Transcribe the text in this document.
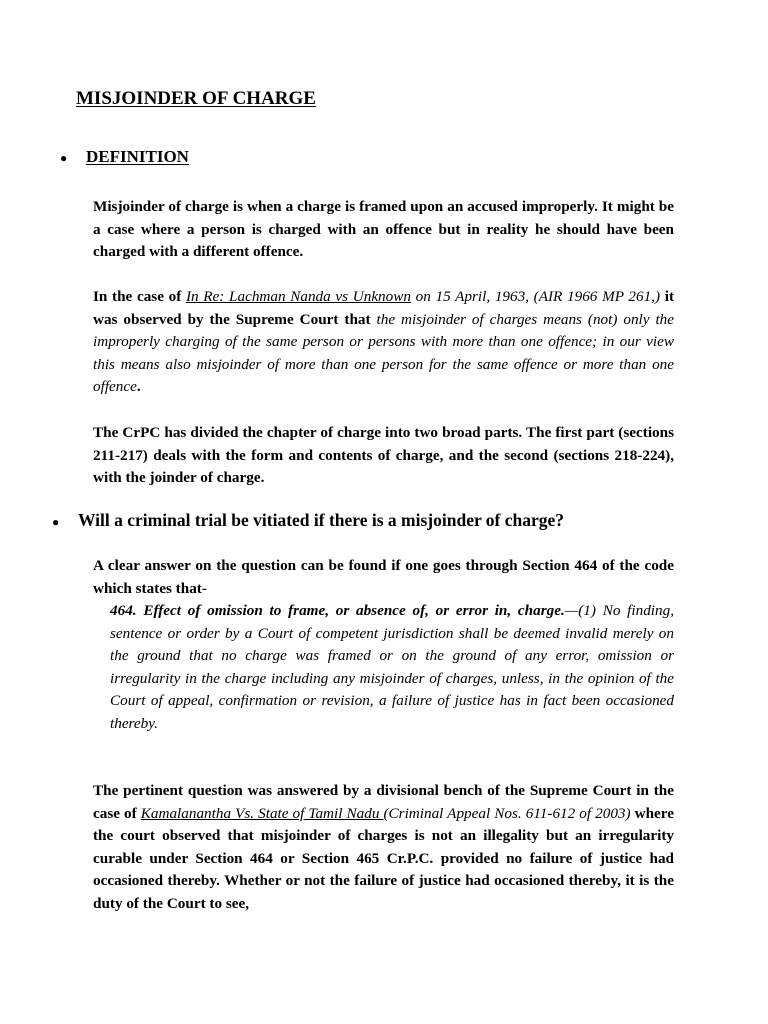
MISJOINDER OF CHARGE
●	DEFINITION

Misjoinder of charge is when a charge is framed upon an accused improperly. It might be a case where a person is charged with an offence but in reality he should have been charged with a different offence.

In the case of In Re: Lachman Nanda vs Unknown on 15 April, 1963, (AIR 1966 MP 261,) it was observed by the Supreme Court that the misjoinder of charges means (not) only the improperly charging of the same person or persons with more than one offence; in our view this means also misjoinder of more than one person for the same offence or more than one offence.

The CrPC has divided the chapter of charge into two broad parts. The first part (sections 211-217) deals with the form and contents of charge, and the second (sections 218-224), with the joinder of charge.

●	Will a criminal trial be vitiated if there is a misjoinder of charge?

A clear answer on the question can be found if one goes through Section 464 of the code which states that-

464. Effect of omission to frame, or absence of, or error in, charge.—(1) No finding, sentence or order by a Court of competent jurisdiction shall be deemed invalid merely on the ground that no charge was framed or on the ground of any error, omission or irregularity in the charge including any misjoinder of charges, unless, in the opinion of the Court of appeal, confirmation or revision, a failure of justice has in fact been occasioned thereby.

The pertinent question was answered by a divisional bench of the Supreme Court in the case of Kamalanantha Vs. State of Tamil Nadu (Criminal Appeal Nos. 611-612 of 2003) where the court observed that misjoinder of charges is not an illegality but an irregularity curable under Section 464 or Section 465 Cr.P.C. provided no failure of justice had occasioned thereby. Whether or not the failure of justice had occasioned thereby, it is the duty of the Court to see,
